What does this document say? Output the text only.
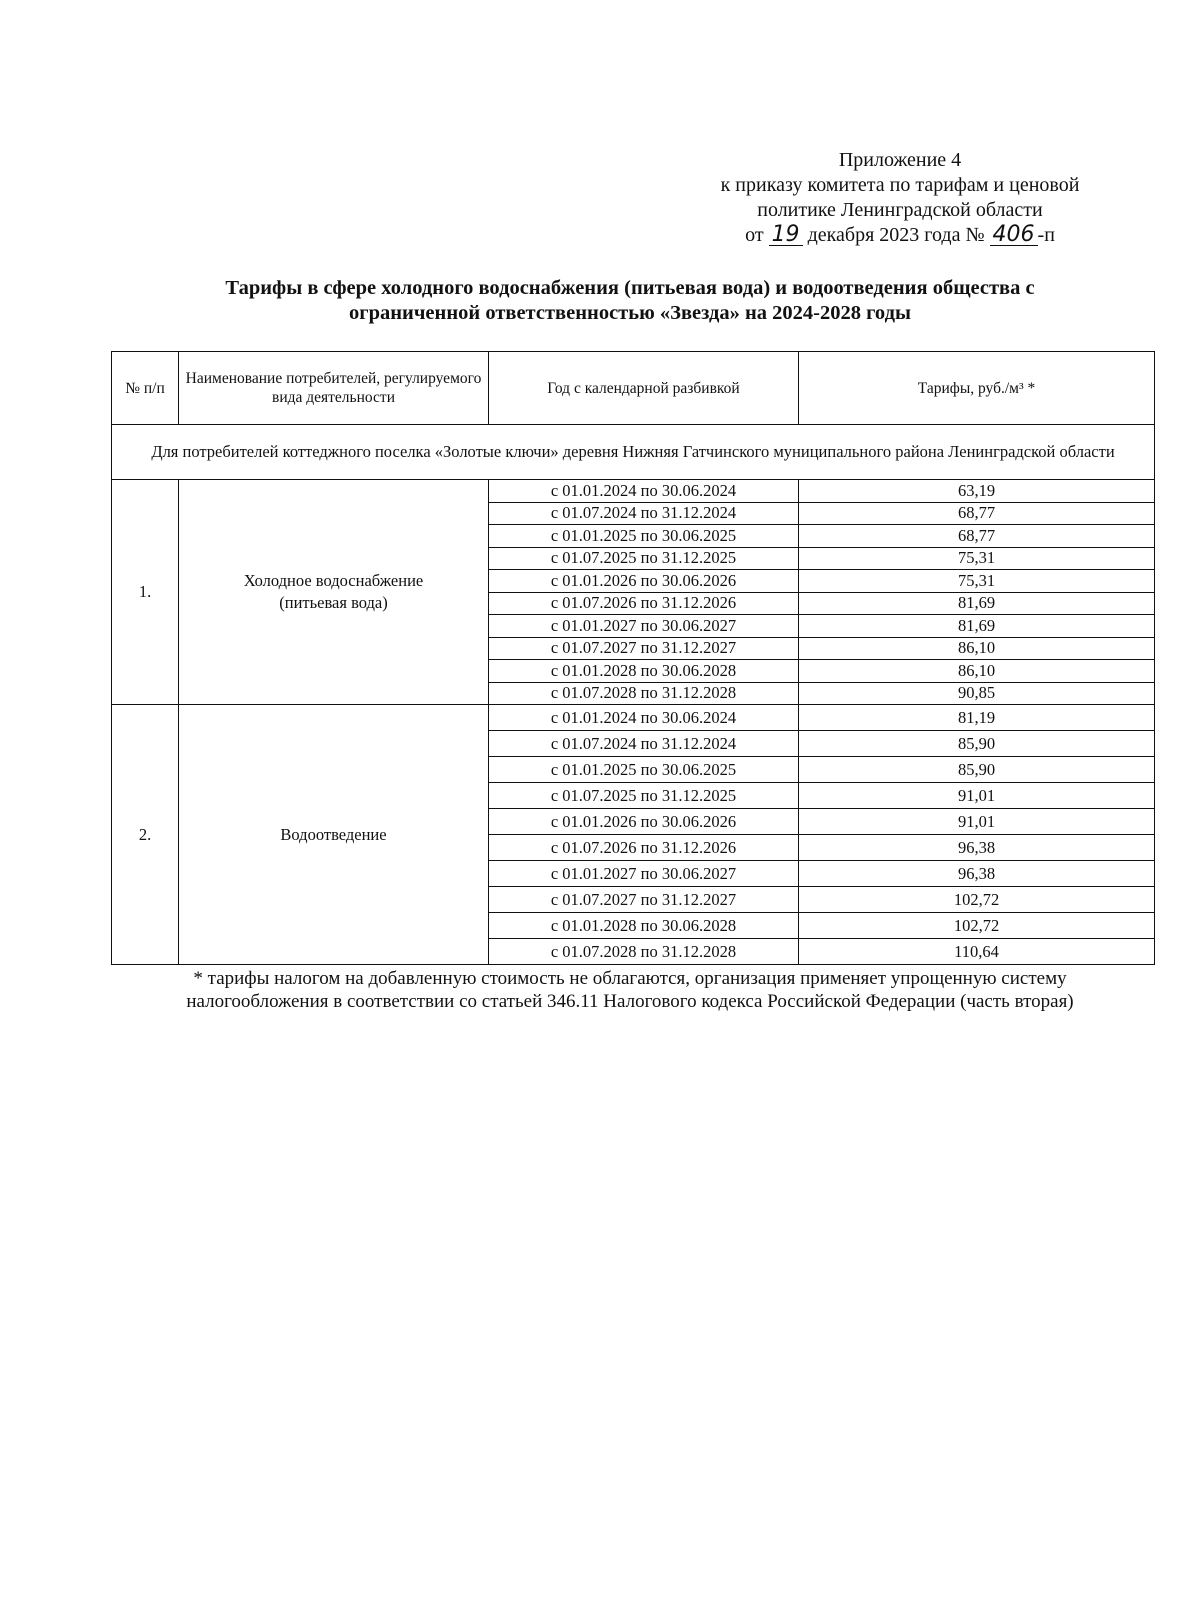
Приложение 4
к приказу комитета по тарифам и ценовой
политике Ленинградской области
от 19 декабря 2023 года № 406 -п
Тарифы в сфере холодного водоснабжения (питьевая вода) и водоотведения общества с
ограниченной ответственностью «Звезда» на 2024-2028 годы
№ п/п	Наименование потребителей, регулируемого вида деятельности	Год с календарной разбивкой	Тарифы, руб./м³ *
Для потребителей коттеджного поселка «Золотые ключи» деревня Нижняя Гатчинского муниципального района Ленинградской области			
1.	Холодное водоснабжение (питьевая вода)	с 01.01.2024 по 30.06.2024	63,19
		с 01.07.2024 по 31.12.2024	68,77
		с 01.01.2025 по 30.06.2025	68,77
		с 01.07.2025 по 31.12.2025	75,31
		с 01.01.2026 по 30.06.2026	75,31
		с 01.07.2026 по 31.12.2026	81,69
		с 01.01.2027 по 30.06.2027	81,69
		с 01.07.2027 по 31.12.2027	86,10
		с 01.01.2028 по 30.06.2028	86,10
		с 01.07.2028 по 31.12.2028	90,85
2.	Водоотведение	с 01.01.2024 по 30.06.2024	81,19
		с 01.07.2024 по 31.12.2024	85,90
		с 01.01.2025 по 30.06.2025	85,90
		с 01.07.2025 по 31.12.2025	91,01
		с 01.01.2026 по 30.06.2026	91,01
		с 01.07.2026 по 31.12.2026	96,38
		с 01.01.2027 по 30.06.2027	96,38
		с 01.07.2027 по 31.12.2027	102,72
		с 01.01.2028 по 30.06.2028	102,72
		с 01.07.2028 по 31.12.2028	110,64
* тарифы налогом на добавленную стоимость не облагаются, организация применяет упрощенную систему
налогообложения в соответствии со статьей 346.11 Налогового кодекса Российской Федерации (часть вторая)
